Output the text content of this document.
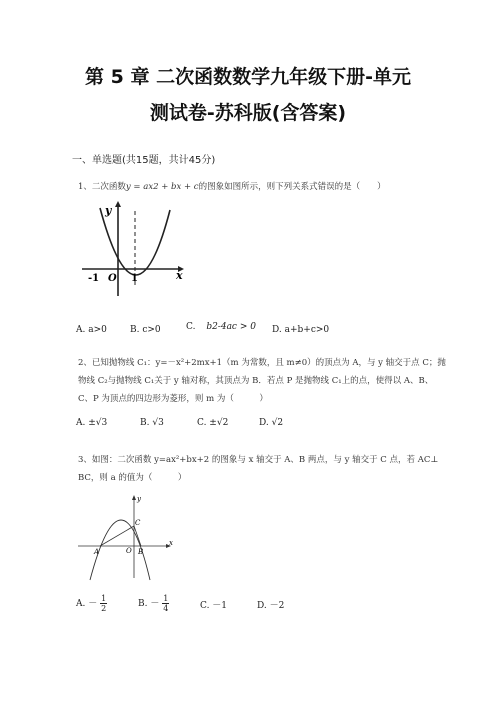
第 5 章 二次函数数学九年级下册-单元
测试卷-苏科版(含答案)
一、单选题(共15题，共计45分)
1、二次函数y = ax2 + bx + c的图象如图所示，则下列关系式错误的是（　　）
y
x
-1 O 1
A. a>0	B. c>0	C. b2-4ac > 0 D. a+b+c>0
2、已知抛物线 C₁：y=－x²+2mx+1（m 为常数，且 m≠0）的顶点为 A，与 y 轴交于点 C；抛
物线 C₂与抛物线 C₁关于 y 轴对称，其顶点为 B．若点 P 是抛物线 C₁上的点，使得以 A、B、
C、P 为顶点的四边形为菱形，则 m 为（　　　）
A. ±√3	B. √3	C. ±√2	D. √2
3、如图：二次函数 y=ax²+bx+2 的图象与 x 轴交于 A、B 两点，与 y 轴交于 C 点，若 AC⊥
BC，则 a 的值为（　　　）
y
x
C
A	O B
A. － $\frac{1}{2}$	B. － $\frac{1}{4}$	C. －1	D. －2
